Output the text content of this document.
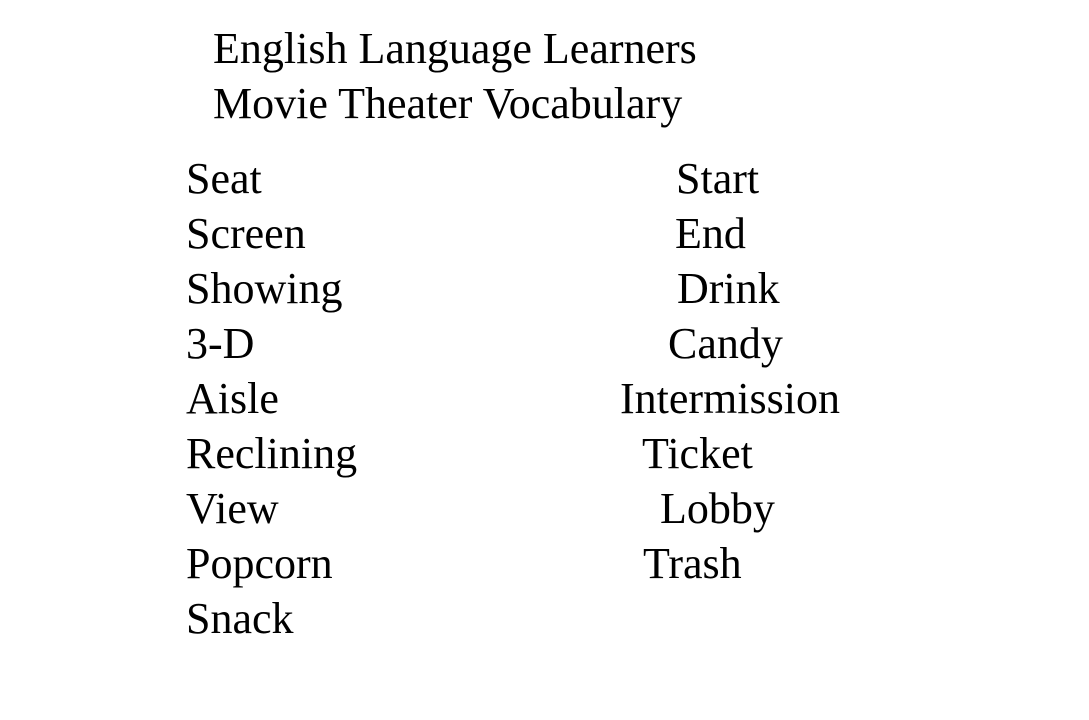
English Language Learners
Movie Theater Vocabulary
Seat
Screen
Showing
3-D
Aisle
Reclining
View
Popcorn
Snack
Start
End
Drink
Candy
Intermission
Ticket
Lobby
Trash
